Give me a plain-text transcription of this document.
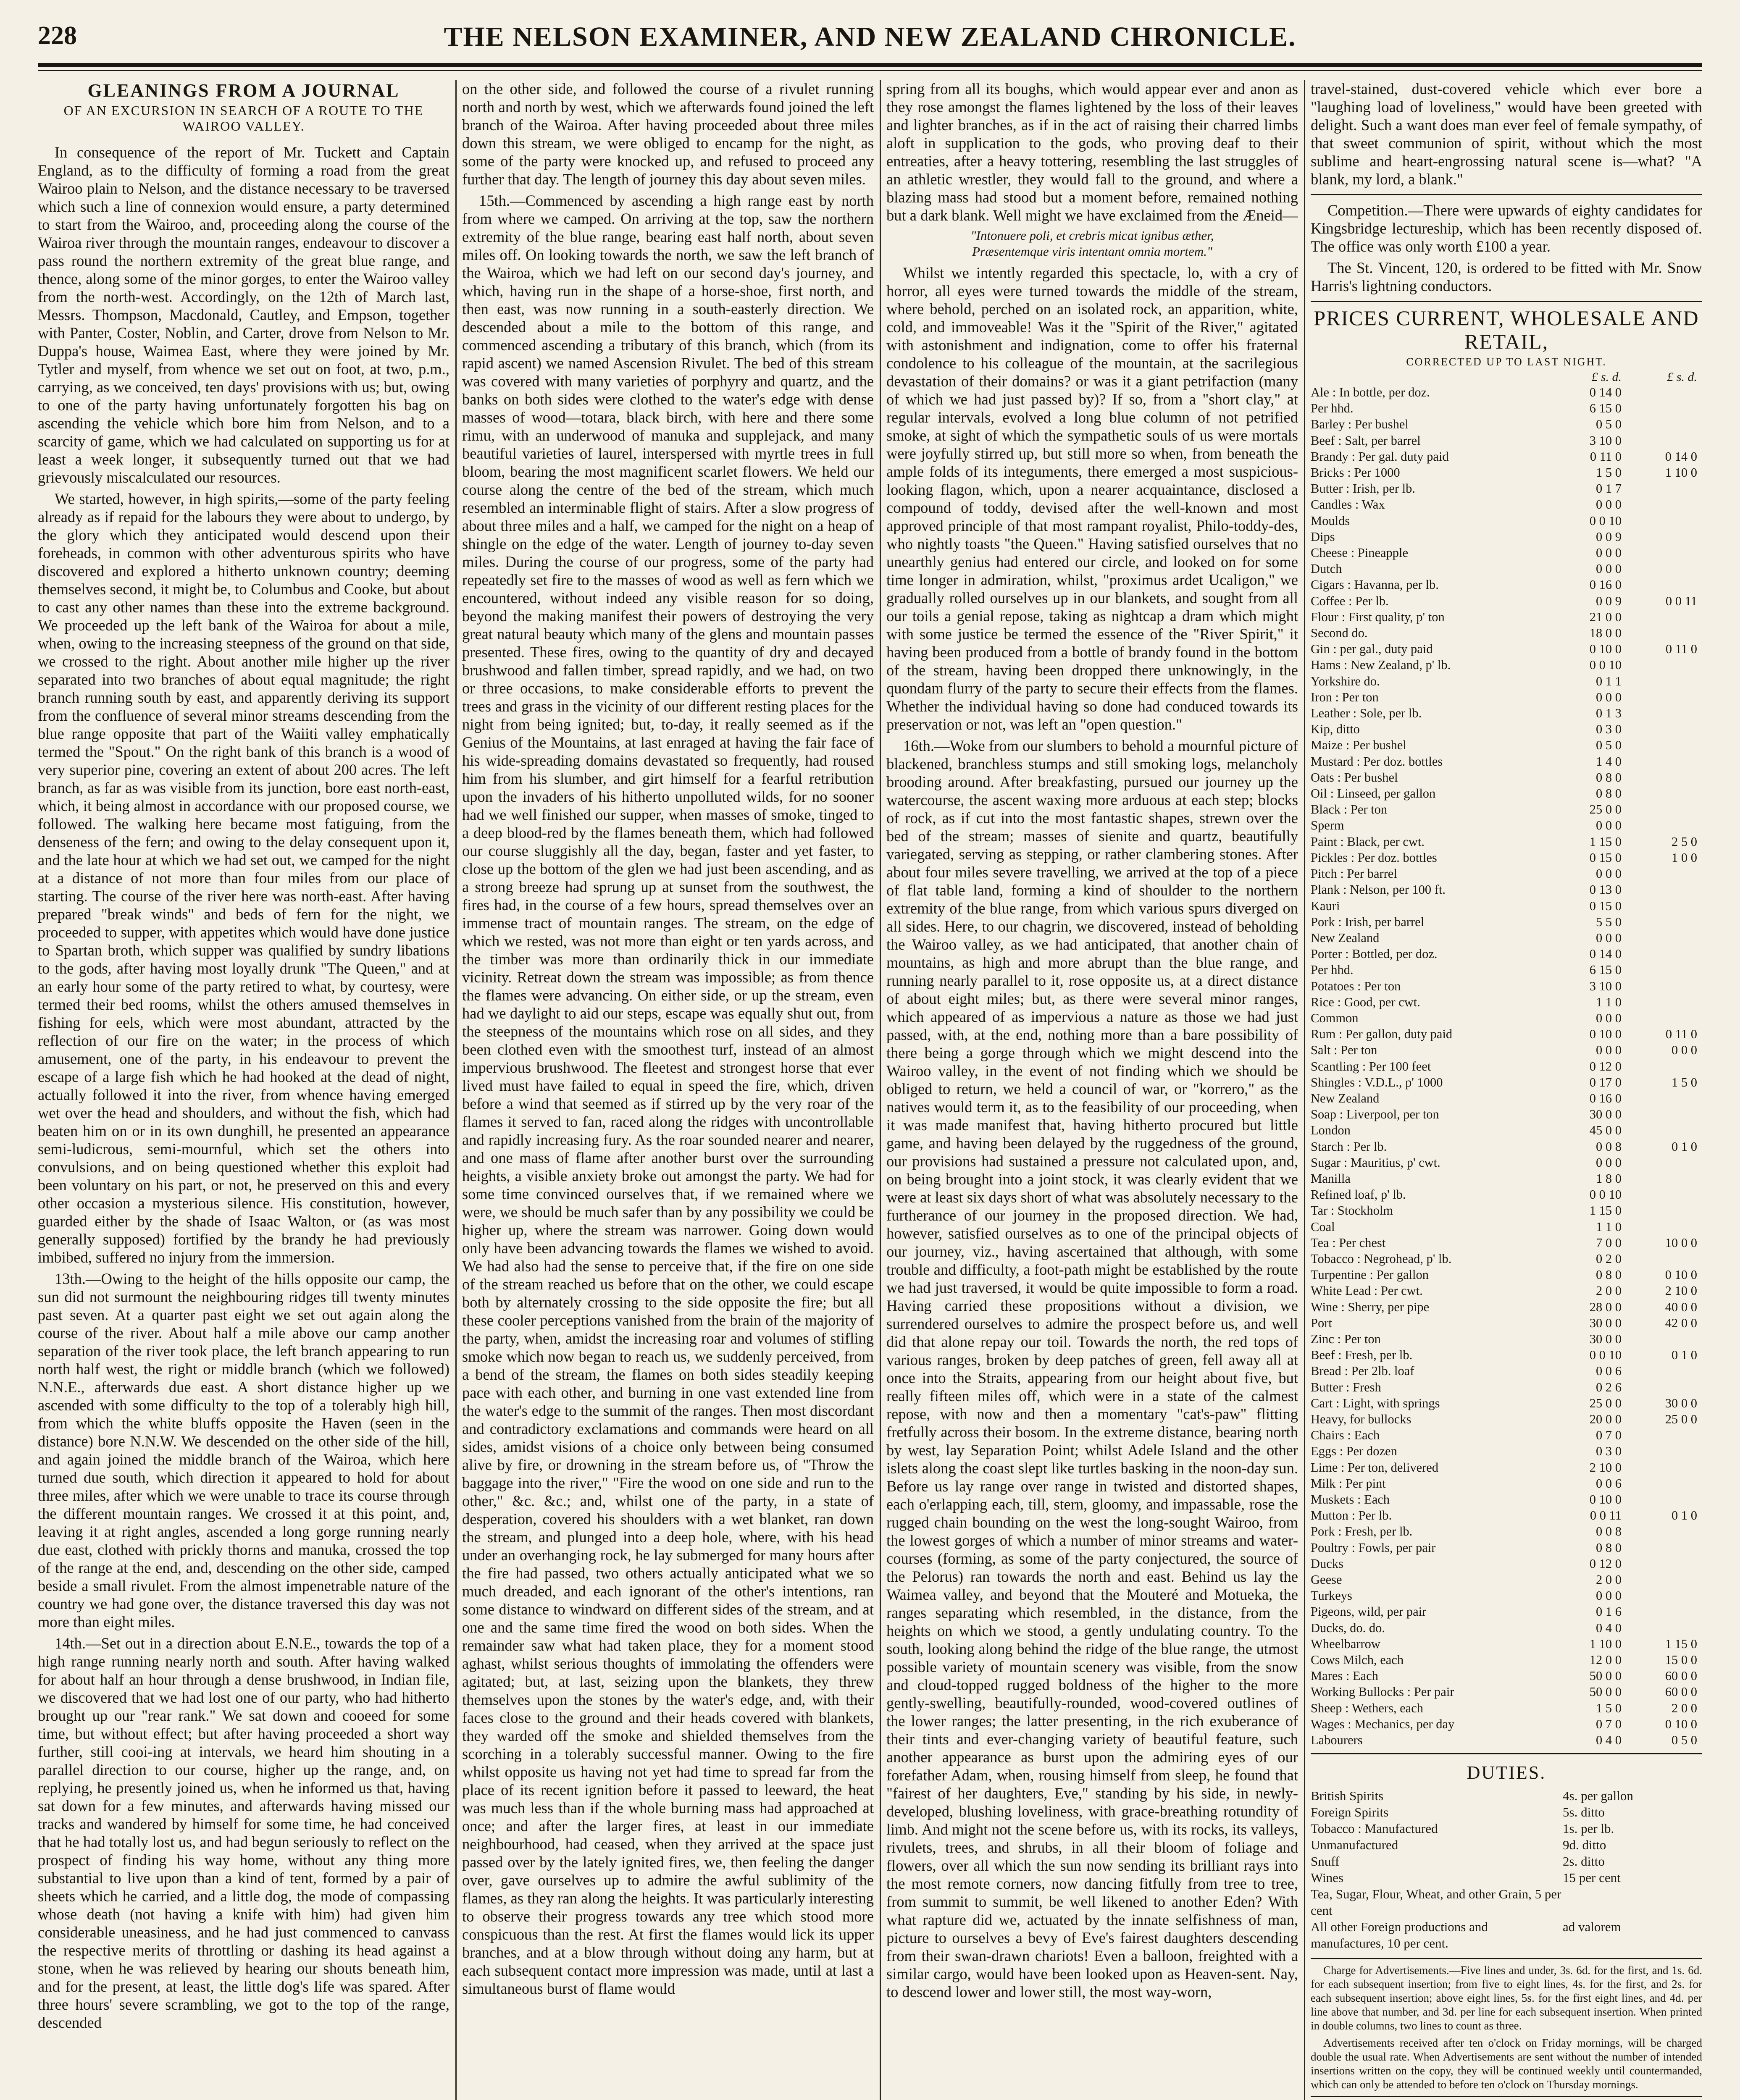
228	THE NELSON EXAMINER, AND NEW ZEALAND CHRONICLE.
GLEANINGS FROM A JOURNAL
OF AN EXCURSION IN SEARCH OF A ROUTE TO THE WAIROO VALLEY.

In consequence of the report of Mr. Tuckett and Captain England, as to the difficulty of forming a road from the great Wairoo plain to Nelson, and the distance necessary to be traversed which such a line of connexion would ensure, a party determined to start from the Wairoo, and, proceeding along the course of the Wairoa river through the mountain ranges, endeavour to discover a pass round the northern extremity of the great blue range, and thence, along some of the minor gorges, to enter the Wairoo valley from the north-west. Accordingly, on the 12th of March last, Messrs. Thompson, Macdonald, Cautley, and Empson, together with Panter, Coster, Noblin, and Carter, drove from Nelson to Mr. Duppa's house, Waimea East, where they were joined by Mr. Tytler and myself, from whence we set out on foot, at two, p.m., carrying, as we conceived, ten days' provisions with us; but, owing to one of the party having unfortunately forgotten his bag on ascending the vehicle which bore him from Nelson, and to a scarcity of game, which we had calculated on supporting us for at least a week longer, it subsequently turned out that we had grievously miscalculated our resources.

We started, however, in high spirits,—some of the party feeling already as if repaid for the labours they were about to undergo, by the glory which they anticipated would descend upon their foreheads, in common with other adventurous spirits who have discovered and explored a hitherto unknown country; deeming themselves second, it might be, to Columbus and Cooke, but about to cast any other names than these into the extreme background. We proceeded up the left bank of the Wairoa for about a mile, when, owing to the increasing steepness of the ground on that side, we crossed to the right. About another mile higher up the river separated into two branches of about equal magnitude; the right branch running south by east, and apparently deriving its support from the confluence of several minor streams descending from the blue range opposite that part of the Waiiti valley emphatically termed the "Spout." On the right bank of this branch is a wood of very superior pine, covering an extent of about 200 acres. The left branch, as far as was visible from its junction, bore east north-east, which, it being almost in accordance with our proposed course, we followed. The walking here became most fatiguing, from the denseness of the fern; and owing to the delay consequent upon it, and the late hour at which we had set out, we camped for the night at a distance of not more than four miles from our place of starting. The course of the river here was north-east. After having prepared "break winds" and beds of fern for the night, we proceeded to supper, with appetites which would have done justice to Spartan broth, which supper was qualified by sundry libations to the gods, after having most loyally drunk "The Queen," and at an early hour some of the party retired to what, by courtesy, were termed their bed rooms, whilst the others amused themselves in fishing for eels, which were most abundant, attracted by the reflection of our fire on the water; in the process of which amusement, one of the party, in his endeavour to prevent the escape of a large fish which he had hooked at the dead of night, actually followed it into the river, from whence having emerged wet over the head and shoulders, and without the fish, which had beaten him on or in its own dunghill, he presented an appearance semi-ludicrous, semi-mournful, which set the others into convulsions, and on being questioned whether this exploit had been voluntary on his part, or not, he preserved on this and every other occasion a mysterious silence. His constitution, however, guarded either by the shade of Isaac Walton, or (as was most generally supposed) fortified by the brandy he had previously imbibed, suffered no injury from the immersion.

13th.—Owing to the height of the hills opposite our camp, the sun did not surmount the neighbouring ridges till twenty minutes past seven. At a quarter past eight we set out again along the course of the river. About half a mile above our camp another separation of the river took place, the left branch appearing to run north half west, the right or middle branch (which we followed) N.N.E., afterwards due east. A short distance higher up we ascended with some difficulty to the top of a tolerably high hill, from which the white bluffs opposite the Haven (seen in the distance) bore N.N.W. We descended on the other side of the hill, and again joined the middle branch of the Wairoa, which here turned due south, which direction it appeared to hold for about three miles, after which we were unable to trace its course through the different mountain ranges. We crossed it at this point, and, leaving it at right angles, ascended a long gorge running nearly due east, clothed with prickly thorns and manuka, crossed the top of the range at the end, and, descending on the other side, camped beside a small rivulet. From the almost impenetrable nature of the country we had gone over, the distance traversed this day was not more than eight miles.

14th.—Set out in a direction about E.N.E., towards the top of a high range running nearly north and south. After having walked for about half an hour through a dense brushwood, in Indian file, we discovered that we had lost one of our party, who had hitherto brought up our "rear rank." We sat down and cooeed for some time, but without effect; but after having proceeded a short way further, still cooi-ing at intervals, we heard him shouting in a parallel direction to our course, higher up the range, and, on replying, he presently joined us, when he informed us that, having sat down for a few minutes, and afterwards having missed our tracks and wandered by himself for some time, he had conceived that he had totally lost us, and had begun seriously to reflect on the prospect of finding his way home, without any thing more substantial to live upon than a kind of tent, formed by a pair of sheets which he carried, and a little dog, the mode of compassing whose death (not having a knife with him) had given him considerable uneasiness, and he had just commenced to canvass the respective merits of throttling or dashing its head against a stone, when he was relieved by hearing our shouts beneath him, and for the present, at least, the little dog's life was spared. After three hours' severe scrambling, we got to the top of the range, descended

on the other side, and followed the course of a rivulet running north and north by west, which we afterwards found joined the left branch of the Wairoa. After having proceeded about three miles down this stream, we were obliged to encamp for the night, as some of the party were knocked up, and refused to proceed any further that day. The length of journey this day about seven miles.

15th.—Commenced by ascending a high range east by north from where we camped. On arriving at the top, saw the northern extremity of the blue range, bearing east half north, about seven miles off. On looking towards the north, we saw the left branch of the Wairoa, which we had left on our second day's journey, and which, having run in the shape of a horse-shoe, first north, and then east, was now running in a south-easterly direction. We descended about a mile to the bottom of this range, and commenced ascending a tributary of this branch, which (from its rapid ascent) we named Ascension Rivulet. The bed of this stream was covered with many varieties of porphyry and quartz, and the banks on both sides were clothed to the water's edge with dense masses of wood—totara, black birch, with here and there some rimu, with an underwood of manuka and supplejack, and many beautiful varieties of laurel, interspersed with myrtle trees in full bloom, bearing the most magnificent scarlet flowers. We held our course along the centre of the bed of the stream, which much resembled an interminable flight of stairs. After a slow progress of about three miles and a half, we camped for the night on a heap of shingle on the edge of the water. Length of journey to-day seven miles. During the course of our progress, some of the party had repeatedly set fire to the masses of wood as well as fern which we encountered, without indeed any visible reason for so doing, beyond the making manifest their powers of destroying the very great natural beauty which many of the glens and mountain passes presented. These fires, owing to the quantity of dry and decayed brushwood and fallen timber, spread rapidly, and we had, on two or three occasions, to make considerable efforts to prevent the trees and grass in the vicinity of our different resting places for the night from being ignited; but, to-day, it really seemed as if the Genius of the Mountains, at last enraged at having the fair face of his wide-spreading domains devastated so frequently, had roused him from his slumber, and girt himself for a fearful retribution upon the invaders of his hitherto unpolluted wilds, for no sooner had we well finished our supper, when masses of smoke, tinged to a deep blood-red by the flames beneath them, which had followed our course sluggishly all the day, began, faster and yet faster, to close up the bottom of the glen we had just been ascending, and as a strong breeze had sprung up at sunset from the southwest, the fires had, in the course of a few hours, spread themselves over an immense tract of mountain ranges. The stream, on the edge of which we rested, was not more than eight or ten yards across, and the timber was more than ordinarily thick in our immediate vicinity. Retreat down the stream was impossible; as from thence the flames were advancing. On either side, or up the stream, even had we daylight to aid our steps, escape was equally shut out, from the steepness of the mountains which rose on all sides, and they been clothed even with the smoothest turf, instead of an almost impervious brushwood. The fleetest and strongest horse that ever lived must have failed to equal in speed the fire, which, driven before a wind that seemed as if stirred up by the very roar of the flames it served to fan, raced along the ridges with uncontrollable and rapidly increasing fury. As the roar sounded nearer and nearer, and one mass of flame after another burst over the surrounding heights, a visible anxiety broke out amongst the party. We had for some time convinced ourselves that, if we remained where we were, we should be much safer than by any possibility we could be higher up, where the stream was narrower. Going down would only have been advancing towards the flames we wished to avoid. We had also had the sense to perceive that, if the fire on one side of the stream reached us before that on the other, we could escape both by alternately crossing to the side opposite the fire; but all these cooler perceptions vanished from the brain of the majority of the party, when, amidst the increasing roar and volumes of stifling smoke which now began to reach us, we suddenly perceived, from a bend of the stream, the flames on both sides steadily keeping pace with each other, and burning in one vast extended line from the water's edge to the summit of the ranges. Then most discordant and contradictory exclamations and commands were heard on all sides, amidst visions of a choice only between being consumed alive by fire, or drowning in the stream before us, of "Throw the baggage into the river," "Fire the wood on one side and run to the other," &c. &c.; and, whilst one of the party, in a state of desperation, covered his shoulders with a wet blanket, ran down the stream, and plunged into a deep hole, where, with his head under an overhanging rock, he lay submerged for many hours after the fire had passed, two others actually anticipated what we so much dreaded, and each ignorant of the other's intentions, ran some distance to windward on different sides of the stream, and at one and the same time fired the wood on both sides. When the remainder saw what had taken place, they for a moment stood aghast, whilst serious thoughts of immolating the offenders were agitated; but, at last, seizing upon the blankets, they threw themselves upon the stones by the water's edge, and, with their faces close to the ground and their heads covered with blankets, they warded off the smoke and shielded themselves from the scorching in a tolerably successful manner. Owing to the fire whilst opposite us having not yet had time to spread far from the place of its recent ignition before it passed to leeward, the heat was much less than if the whole burning mass had approached at once; and after the larger fires, at least in our immediate neighbourhood, had ceased, when they arrived at the space just passed over by the lately ignited fires, we, then feeling the danger over, gave ourselves up to admire the awful sublimity of the flames, as they ran along the heights. It was particularly interesting to observe their progress towards any tree which stood more conspicuous than the rest. At first the flames would lick its upper branches, and at a blow through without doing any harm, but at each subsequent contact more impression was made, until at last a simultaneous burst of flame would

spring from all its boughs, which would appear ever and anon as they rose amongst the flames lightened by the loss of their leaves and lighter branches, as if in the act of raising their charred limbs aloft in supplication to the gods, who proving deaf to their entreaties, after a heavy tottering, resembling the last struggles of an athletic wrestler, they would fall to the ground, and where a blazing mass had stood but a moment before, remained nothing but a dark blank. Well might we have exclaimed from the Æneid—

"Intonuere poli, et crebris micat ignibus æther,
Præsentemque viris intentant omnia mortem."

Whilst we intently regarded this spectacle, lo, with a cry of horror, all eyes were turned towards the middle of the stream, where behold, perched on an isolated rock, an apparition, white, cold, and immoveable! Was it the "Spirit of the River," agitated with astonishment and indignation, come to offer his fraternal condolence to his colleague of the mountain, at the sacrilegious devastation of their domains? or was it a giant petrifaction (many of which we had just passed by)? If so, from a "short clay," at regular intervals, evolved a long blue column of not petrified smoke, at sight of which the sympathetic souls of us were mortals were joyfully stirred up, but still more so when, from beneath the ample folds of its integuments, there emerged a most suspicious-looking flagon, which, upon a nearer acquaintance, disclosed a compound of toddy, devised after the well-known and most approved principle of that most rampant royalist, Philo-toddy-des, who nightly toasts "the Queen." Having satisfied ourselves that no unearthly genius had entered our circle, and looked on for some time longer in admiration, whilst, "proximus ardet Ucaligon," we gradually rolled ourselves up in our blankets, and sought from all our toils a genial repose, taking as nightcap a dram which might with some justice be termed the essence of the "River Spirit," it having been produced from a bottle of brandy found in the bottom of the stream, having been dropped there unknowingly, in the quondam flurry of the party to secure their effects from the flames. Whether the individual having so done had conduced towards its preservation or not, was left an "open question."

16th.—Woke from our slumbers to behold a mournful picture of blackened, branchless stumps and still smoking logs, melancholy brooding around. After breakfasting, pursued our journey up the watercourse, the ascent waxing more arduous at each step; blocks of rock, as if cut into the most fantastic shapes, strewn over the bed of the stream; masses of sienite and quartz, beautifully variegated, serving as stepping, or rather clambering stones. After about four miles severe travelling, we arrived at the top of a piece of flat table land, forming a kind of shoulder to the northern extremity of the blue range, from which various spurs diverged on all sides. Here, to our chagrin, we discovered, instead of beholding the Wairoo valley, as we had anticipated, that another chain of mountains, as high and more abrupt than the blue range, and running nearly parallel to it, rose opposite us, at a direct distance of about eight miles; but, as there were several minor ranges, which appeared of as impervious a nature as those we had just passed, with, at the end, nothing more than a bare possibility of there being a gorge through which we might descend into the Wairoo valley, in the event of not finding which we should be obliged to return, we held a council of war, or "korrero," as the natives would term it, as to the feasibility of our proceeding, when it was made manifest that, having hitherto procured but little game, and having been delayed by the ruggedness of the ground, our provisions had sustained a pressure not calculated upon, and, on being brought into a joint stock, it was clearly evident that we were at least six days short of what was absolutely necessary to the furtherance of our journey in the proposed direction. We had, however, satisfied ourselves as to one of the principal objects of our journey, viz., having ascertained that although, with some trouble and difficulty, a foot-path might be established by the route we had just traversed, it would be quite impossible to form a road. Having carried these propositions without a division, we surrendered ourselves to admire the prospect before us, and well did that alone repay our toil. Towards the north, the red tops of various ranges, broken by deep patches of green, fell away all at once into the Straits, appearing from our height about five, but really fifteen miles off, which were in a state of the calmest repose, with now and then a momentary "cat's-paw" flitting fretfully across their bosom. In the extreme distance, bearing north by west, lay Separation Point; whilst Adele Island and the other islets along the coast slept like turtles basking in the noon-day sun. Before us lay range over range in twisted and distorted shapes, each o'erlapping each, till, stern, gloomy, and impassable, rose the rugged chain bounding on the west the long-sought Wairoo, from the lowest gorges of which a number of minor streams and water-courses (forming, as some of the party conjectured, the source of the Pelorus) ran towards the north and east. Behind us lay the Waimea valley, and beyond that the Mouteré and Motueka, the ranges separating which resembled, in the distance, from the heights on which we stood, a gently undulating country. To the south, looking along behind the ridge of the blue range, the utmost possible variety of mountain scenery was visible, from the snow and cloud-topped rugged boldness of the higher to the more gently-swelling, beautifully-rounded, wood-covered outlines of the lower ranges; the latter presenting, in the rich exuberance of their tints and ever-changing variety of beautiful feature, such another appearance as burst upon the admiring eyes of our forefather Adam, when, rousing himself from sleep, he found that "fairest of her daughters, Eve," standing by his side, in newly-developed, blushing loveliness, with grace-breathing rotundity of limb. And might not the scene before us, with its rocks, its valleys, rivulets, trees, and shrubs, in all their bloom of foliage and flowers, over all which the sun now sending its brilliant rays into the most remote corners, now dancing fitfully from tree to tree, from summit to summit, be well likened to another Eden? With what rapture did we, actuated by the innate selfishness of man, picture to ourselves a bevy of Eve's fairest daughters descending from their swan-drawn chariots! Even a balloon, freighted with a similar cargo, would have been looked upon as Heaven-sent. Nay, to descend lower and lower still, the most way-worn,

travel-stained, dust-covered vehicle which ever bore a "laughing load of loveliness," would have been greeted with delight. Such a want does man ever feel of female sympathy, of that sweet communion of spirit, without which the most sublime and heart-engrossing natural scene is—what? "A blank, my lord, a blank."

Competition.—There were upwards of eighty candidates for Kingsbridge lectureship, which has been recently disposed of. The office was only worth £100 a year.

The St. Vincent, 120, is ordered to be fitted with Mr. Snow Harris's lightning conductors.

PRICES CURRENT, WHOLESALE AND RETAIL,
CORRECTED UP TO LAST NIGHT.
£ s. d.	£ s. d.
Ale : In bottle, per doz.	0 14 0
Per hhd.	6 15 0
Barley : Per bushel	0 5 0
Beef : Salt, per barrel	3 10 0
Brandy : Per gal. duty paid	0 11 0	0 14 0
Bricks : Per 1000	1 5 0	1 10 0
Butter : Irish, per lb.	0 1 7
Candles : Wax	0 0 0
Moulds	0 0 10
Dips	0 0 9
Cheese : Pineapple	0 0 0
Dutch	0 0 0
Cigars : Havanna, per lb.	0 16 0
Coffee : Per lb.	0 0 9	0 0 11
Flour : First quality, p' ton	21 0 0
Second do.	18 0 0
Gin : per gal., duty paid	0 10 0	0 11 0
Hams : New Zealand, p' lb.	0 0 10
Yorkshire do.	0 1 1
Iron : Per ton	0 0 0
Leather : Sole, per lb.	0 1 3
Kip, ditto	0 3 0
Maize : Per bushel	0 5 0
Mustard : Per doz. bottles	1 4 0
Oats : Per bushel	0 8 0
Oil : Linseed, per gallon	0 8 0
Black : Per ton	25 0 0
Sperm	0 0 0
Paint : Black, per cwt.	1 15 0	2 5 0
Pickles : Per doz. bottles	0 15 0	1 0 0
Pitch : Per barrel	0 0 0
Plank : Nelson, per 100 ft.	0 13 0
Kauri	0 15 0
Pork : Irish, per barrel	5 5 0
New Zealand	0 0 0
Porter : Bottled, per doz.	0 14 0
Per hhd.	6 15 0
Potatoes : Per ton	3 10 0
Rice : Good, per cwt.	1 1 0
Common	0 0 0
Rum : Per gallon, duty paid	0 10 0	0 11 0
Salt : Per ton	0 0 0	0 0 0
Scantling : Per 100 feet	0 12 0
Shingles : V.D.L., p' 1000	0 17 0	1 5 0
New Zealand	0 16 0
Soap : Liverpool, per ton	30 0 0
London	45 0 0
Starch : Per lb.	0 0 8	0 1 0
Sugar : Mauritius, p' cwt.	0 0 0
Manilla	1 8 0
Refined loaf, p' lb.	0 0 10
Tar : Stockholm	1 15 0
Coal	1 1 0
Tea : Per chest	7 0 0	10 0 0
Tobacco : Negrohead, p' lb.	0 2 0
Turpentine : Per gallon	0 8 0	0 10 0
White Lead : Per cwt.	2 0 0	2 10 0
Wine : Sherry, per pipe	28 0 0	40 0 0
Port	30 0 0	42 0 0
Zinc : Per ton	30 0 0
Beef : Fresh, per lb.	0 0 10	0 1 0
Bread : Per 2lb. loaf	0 0 6
Butter : Fresh	0 2 6
Cart : Light, with springs	25 0 0	30 0 0
Heavy, for bullocks	20 0 0	25 0 0
Chairs : Each	0 7 0
Eggs : Per dozen	0 3 0
Lime : Per ton, delivered	2 10 0
Milk : Per pint	0 0 6
Muskets : Each	0 10 0
Mutton : Per lb.	0 0 11	0 1 0
Pork : Fresh, per lb.	0 0 8
Poultry : Fowls, per pair	0 8 0
Ducks	0 12 0
Geese	2 0 0
Turkeys	0 0 0
Pigeons, wild, per pair	0 1 6
Ducks, do. do.	0 4 0
Wheelbarrow	1 10 0	1 15 0
Cows Milch, each	12 0 0	15 0 0
Mares : Each	50 0 0	60 0 0
Working Bullocks : Per pair	50 0 0	60 0 0
Sheep : Wethers, each	1 5 0	2 0 0
Wages : Mechanics, per day	0 7 0	0 10 0
Labourers	0 4 0	0 5 0
DUTIES.
British Spirits	4s. per gallon
Foreign Spirits	5s. ditto
Tobacco : Manufactured	1s. per lb.
Unmanufactured	9d. ditto
Snuff	2s. ditto
Wines	15 per cent
Tea, Sugar, Flour, Wheat, and other Grain, 5 per cent
All other Foreign productions and manufactures, 10 per cent.
ad valorem

Charge for Advertisements.—Five lines and under, 3s. 6d. for the first, and 1s. 6d. for each subsequent insertion; from five to eight lines, 4s. for the first, and 2s. for each subsequent insertion; above eight lines, 5s. for the first eight lines, and 4d. per line above that number, and 3d. per line for each subsequent insertion. When printed in double columns, two lines to count as three.

Advertisements received after ten o'clock on Friday mornings, will be charged double the usual rate. When Advertisements are sent without the number of intended insertions written on the copy, they will be continued weekly until countermanded, which can only be attended to before ten o'clock on Thursday mornings.
